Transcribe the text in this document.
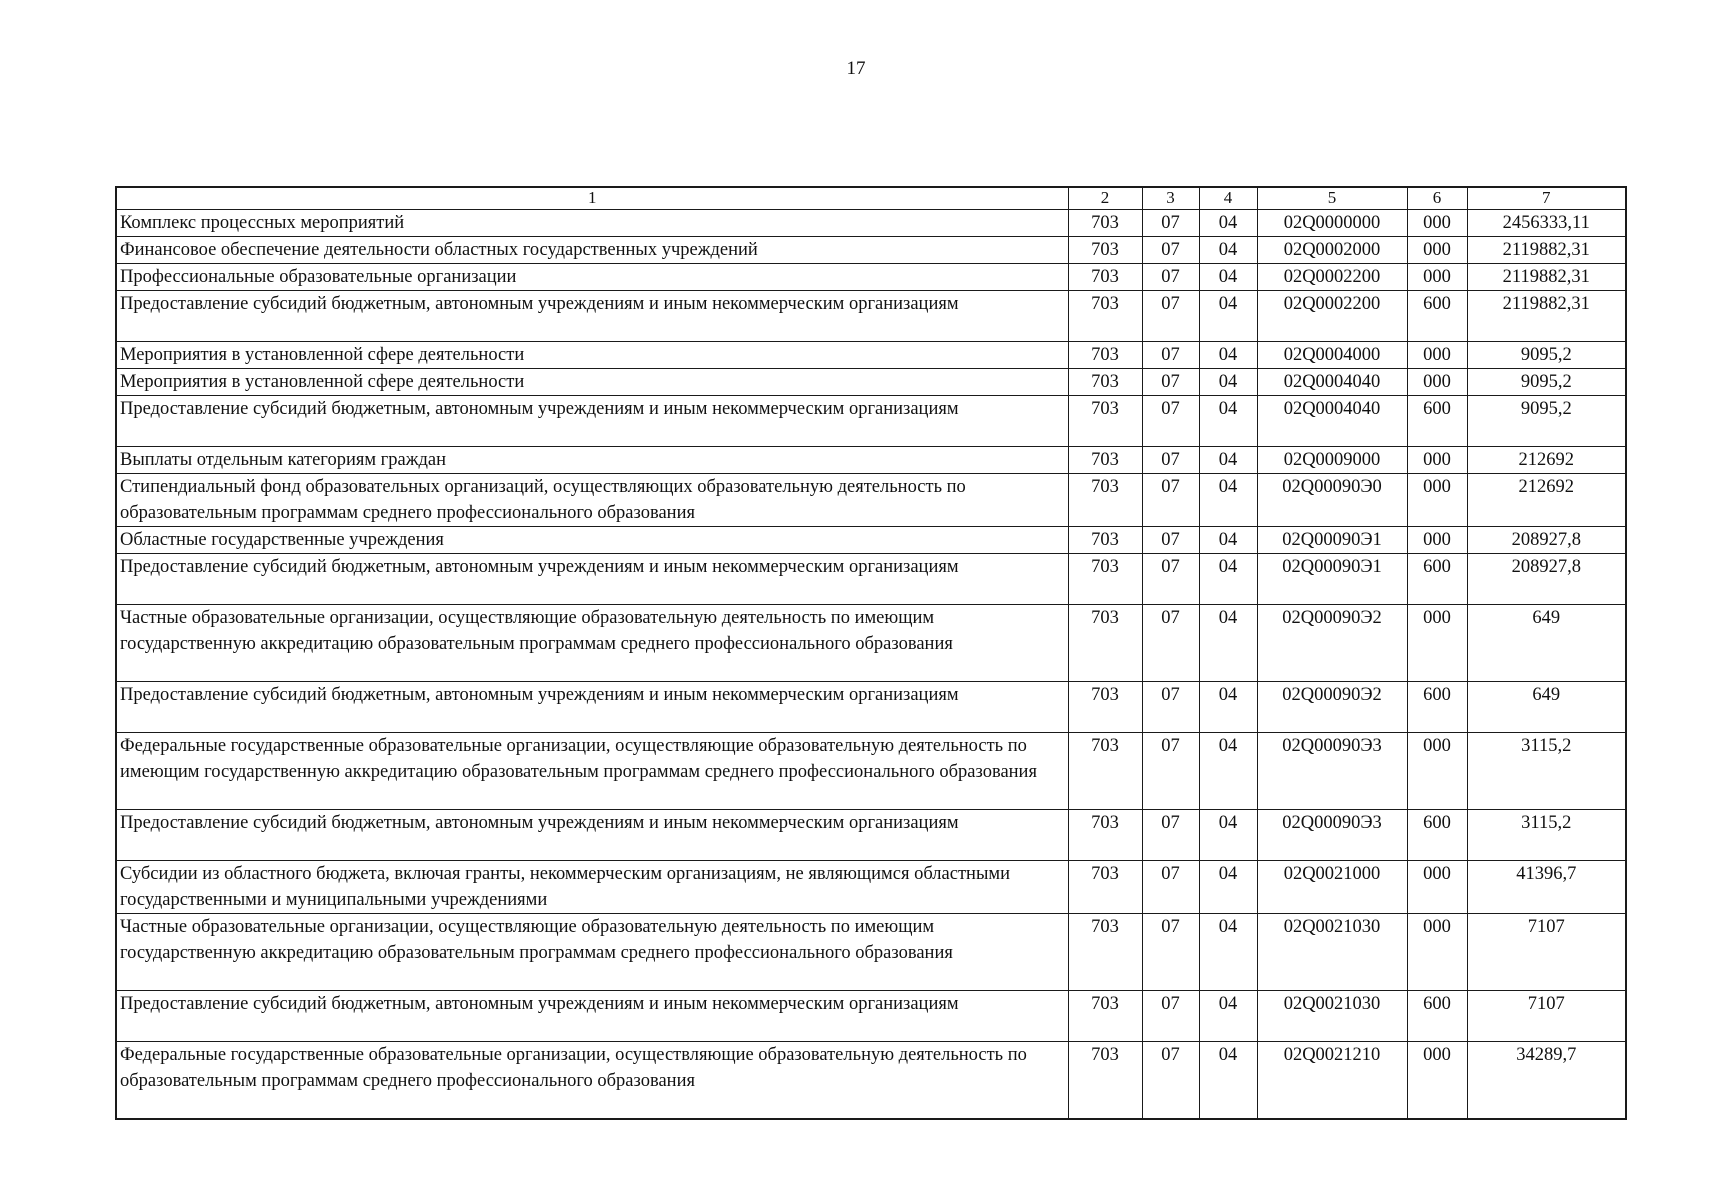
17
1	2	3	4	5	6	7
Комплекс процессных мероприятий	703	07	04	02Q0000000	000	2456333,11
Финансовое обеспечение деятельности областных государственных учреждений	703	07	04	02Q0002000	000	2119882,31
Профессиональные образовательные организации	703	07	04	02Q0002200	000	2119882,31
Предоставление субсидий бюджетным, автономным учреждениям и иным некоммерческим организациям	703	07	04	02Q0002200	600	2119882,31
Мероприятия в установленной сфере деятельности	703	07	04	02Q0004000	000	9095,2
Мероприятия в установленной сфере деятельности	703	07	04	02Q0004040	000	9095,2
Предоставление субсидий бюджетным, автономным учреждениям и иным некоммерческим организациям	703	07	04	02Q0004040	600	9095,2
Выплаты отдельным категориям граждан	703	07	04	02Q0009000	000	212692
Стипендиальный фонд образовательных организаций, осуществляющих образовательную деятельность по образовательным программам среднего профессионального образования	703	07	04	02Q00090Э0	000	212692
Областные государственные учреждения	703	07	04	02Q00090Э1	000	208927,8
Предоставление субсидий бюджетным, автономным учреждениям и иным некоммерческим организациям	703	07	04	02Q00090Э1	600	208927,8
Частные образовательные организации, осуществляющие образовательную деятельность по имеющим государственную аккредитацию образовательным программам среднего профессионального образования	703	07	04	02Q00090Э2	000	649
Предоставление субсидий бюджетным, автономным учреждениям и иным некоммерческим организациям	703	07	04	02Q00090Э2	600	649
Федеральные государственные образовательные организации, осуществляющие образовательную деятельность по имеющим государственную аккредитацию образовательным программам среднего профессионального образования	703	07	04	02Q00090Э3	000	3115,2
Предоставление субсидий бюджетным, автономным учреждениям и иным некоммерческим организациям	703	07	04	02Q00090Э3	600	3115,2
Субсидии из областного бюджета, включая гранты, некоммерческим организациям, не являющимся областными государственными и муниципальными учреждениями	703	07	04	02Q0021000	000	41396,7
Частные образовательные организации, осуществляющие образовательную деятельность по имеющим государственную аккредитацию образовательным программам среднего профессионального образования	703	07	04	02Q0021030	000	7107
Предоставление субсидий бюджетным, автономным учреждениям и иным некоммерческим организациям	703	07	04	02Q0021030	600	7107
Федеральные государственные образовательные организации, осуществляющие образовательную деятельность по образовательным программам среднего профессионального образования	703	07	04	02Q0021210	000	34289,7
